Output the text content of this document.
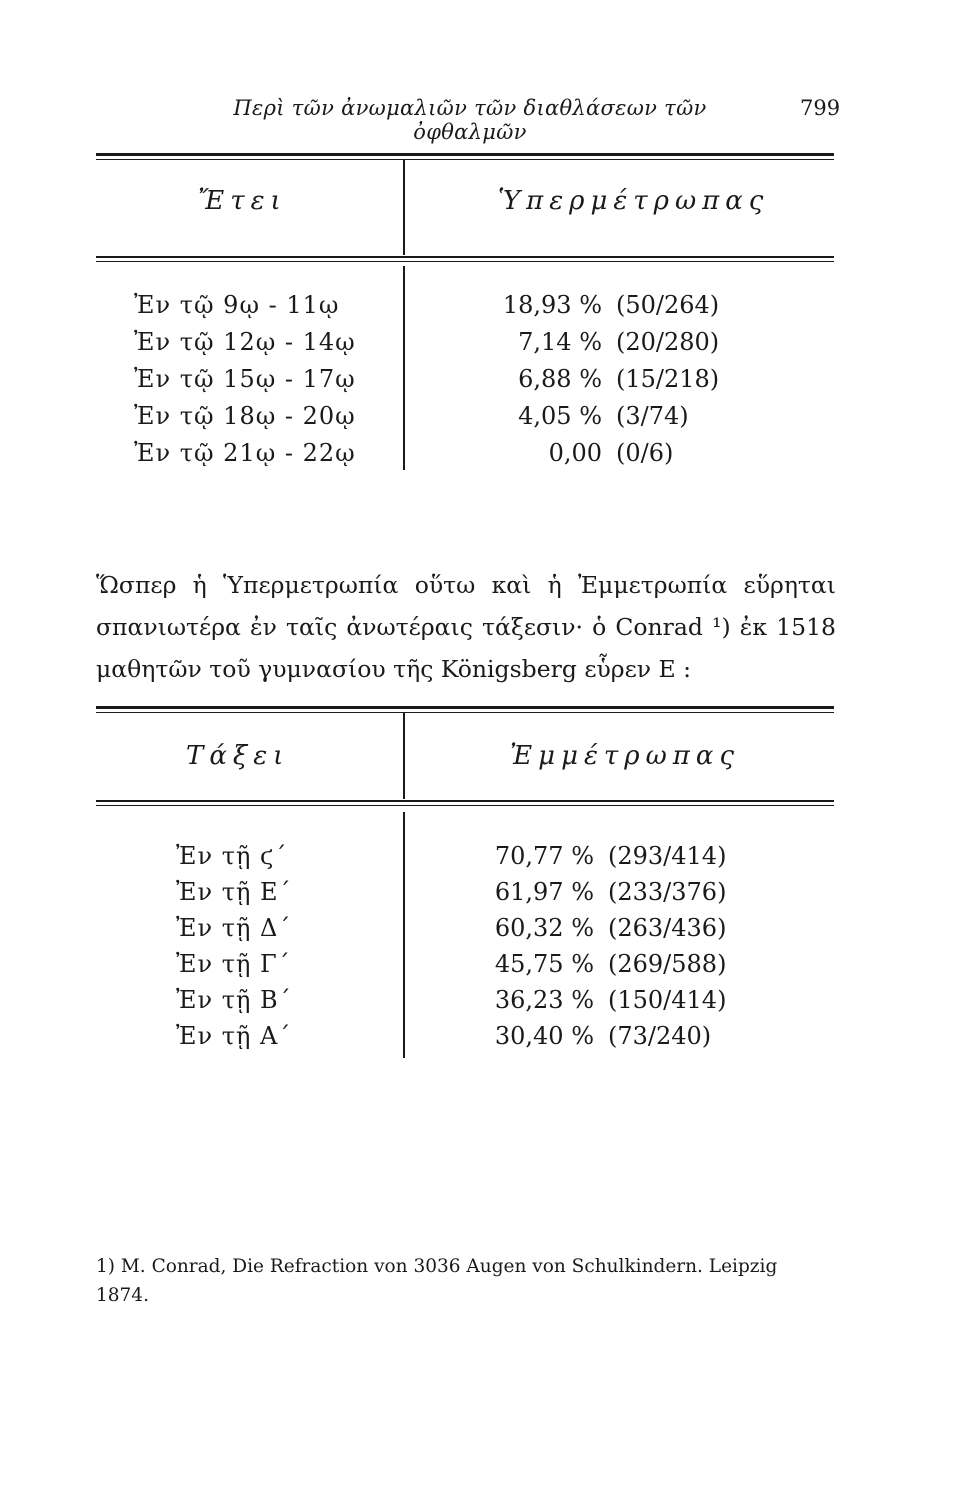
Περὶ τῶν ἀνωμαλιῶν τῶν διαθλάσεων τῶν ὀφθαλμῶν
799
Ἔτει	Ὑπερμέτρωπας
Ἐν τῷ 9ῳ - 11ῳ
Ἐν τῷ 12ῳ - 14ῳ
Ἐν τῷ 15ῳ - 17ῳ
Ἐν τῷ 18ῳ - 20ῳ
Ἐν τῷ 21ῳ - 22ῳ
18,93 % (50/264)
7,14 % (20/280)
6,88 % (15/218)
4,05 % (3/74)
0,00 (0/6)
Ὥσπερ ἡ Ὑπερμετρωπία οὕτω καὶ ἡ Ἐμμετρωπία εὕρηται σπανιωτέρα ἐν ταῖς ἀνωτέραις τάξεσιν· ὁ Conrad ¹) ἐκ 1518 μαθητῶν τοῦ γυμνασίου τῆς Königsberg εὗρεν E :
Τάξει	Ἐμμέτρωπας
Ἐν τῇ ϛ΄
Ἐν τῇ Ε΄
Ἐν τῇ Δ΄
Ἐν τῇ Γ΄
Ἐν τῇ Β΄
Ἐν τῇ Α΄
70,77 % (293/414)
61,97 % (233/376)
60,32 % (263/436)
45,75 % (269/588)
36,23 % (150/414)
30,40 % (73/240)
1) M. Conrad, Die Refraction von 3036 Augen von Schulkindern. Leipzig 1874.
